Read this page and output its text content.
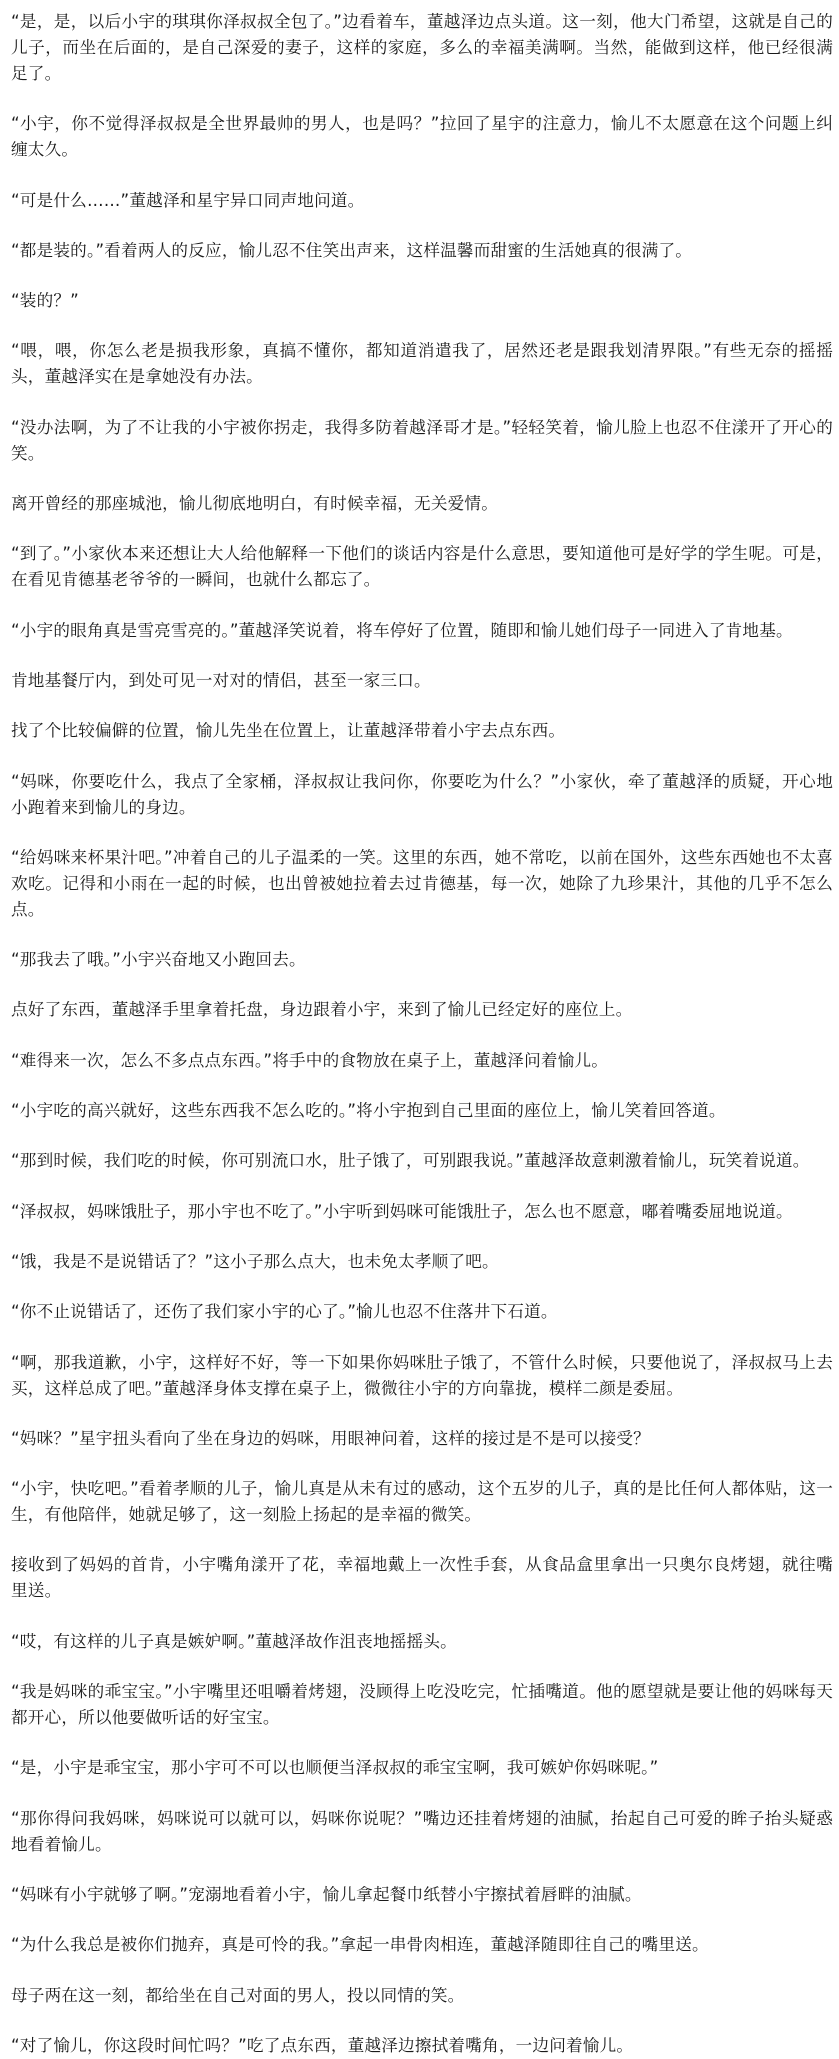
“是，是，以后小宇的琪琪你泽叔叔全包了。”边看着车，董越泽边点头道。这一刻，他大门希望，这就是自己的儿子，而坐在后面的，是自己深爱的妻子，这样的家庭，多么的幸福美满啊。当然，能做到这样，他已经很满足了。

“小宇，你不觉得泽叔叔是全世界最帅的男人，也是吗？”拉回了星宇的注意力，愉儿不太愿意在这个问题上纠缠太久。

“可是什么……”董越泽和星宇异口同声地问道。

“都是装的。”看着两人的反应，愉儿忍不住笑出声来，这样温馨而甜蜜的生活她真的很满了。

“装的？”

“喂，喂，你怎么老是损我形象，真搞不懂你，都知道消遣我了，居然还老是跟我划清界限。”有些无奈的摇摇头，董越泽实在是拿她没有办法。

“没办法啊，为了不让我的小宇被你拐走，我得多防着越泽哥才是。”轻轻笑着，愉儿脸上也忍不住漾开了开心的笑。

离开曾经的那座城池，愉儿彻底地明白，有时候幸福，无关爱情。

“到了。”小家伙本来还想让大人给他解释一下他们的谈话内容是什么意思，要知道他可是好学的学生呢。可是，在看见肯德基老爷爷的一瞬间，也就什么都忘了。

“小宇的眼角真是雪亮雪亮的。”董越泽笑说着，将车停好了位置，随即和愉儿她们母子一同进入了肯地基。

肯地基餐厅内，到处可见一对对的情侣，甚至一家三口。

找了个比较偏僻的位置，愉儿先坐在位置上，让董越泽带着小宇去点东西。

“妈咪，你要吃什么，我点了全家桶，泽叔叔让我问你，你要吃为什么？”小家伙，牵了董越泽的质疑，开心地小跑着来到愉儿的身边。

“给妈咪来杯果汁吧。”冲着自己的儿子温柔的一笑。这里的东西，她不常吃，以前在国外，这些东西她也不太喜欢吃。记得和小雨在一起的时候，也出曾被她拉着去过肯德基，每一次，她除了九珍果汁，其他的几乎不怎么点。

“那我去了哦。”小宇兴奋地又小跑回去。

点好了东西，董越泽手里拿着托盘，身边跟着小宇，来到了愉儿已经定好的座位上。

“难得来一次，怎么不多点点东西。”将手中的食物放在桌子上，董越泽问着愉儿。

“小宇吃的高兴就好，这些东西我不怎么吃的。”将小宇抱到自己里面的座位上，愉儿笑着回答道。

“那到时候，我们吃的时候，你可别流口水，肚子饿了，可别跟我说。”董越泽故意刺激着愉儿，玩笑着说道。

“泽叔叔，妈咪饿肚子，那小宇也不吃了。”小宇听到妈咪可能饿肚子，怎么也不愿意，嘟着嘴委屈地说道。

“饿，我是不是说错话了？”这小子那么点大，也未免太孝顺了吧。

“你不止说错话了，还伤了我们家小宇的心了。”愉儿也忍不住落井下石道。

“啊，那我道歉，小宇，这样好不好，等一下如果你妈咪肚子饿了，不管什么时候，只要他说了，泽叔叔马上去买，这样总成了吧。”董越泽身体支撑在桌子上，微微往小宇的方向靠拢，模样二颜是委屈。

“妈咪？”星宇扭头看向了坐在身边的妈咪，用眼神问着，这样的接过是不是可以接受？

“小宇，快吃吧。”看着孝顺的儿子，愉儿真是从未有过的感动，这个五岁的儿子，真的是比任何人都体贴，这一生，有他陪伴，她就足够了，这一刻脸上扬起的是幸福的微笑。

接收到了妈妈的首肯，小宇嘴角漾开了花，幸福地戴上一次性手套，从食品盒里拿出一只奥尔良烤翅，就往嘴里送。

“哎，有这样的儿子真是嫉妒啊。”董越泽故作沮丧地摇摇头。

“我是妈咪的乖宝宝。”小宇嘴里还咀嚼着烤翅，没顾得上吃没吃完，忙插嘴道。他的愿望就是要让他的妈咪每天都开心，所以他要做听话的好宝宝。

“是，小宇是乖宝宝，那小宇可不可以也顺便当泽叔叔的乖宝宝啊，我可嫉妒你妈咪呢。”

“那你得问我妈咪，妈咪说可以就可以，妈咪你说呢？”嘴边还挂着烤翅的油腻，抬起自己可爱的眸子抬头疑惑地看着愉儿。

“妈咪有小宇就够了啊。”宠溺地看着小宇，愉儿拿起餐巾纸替小宇擦拭着唇畔的油腻。

“为什么我总是被你们抛弃，真是可怜的我。”拿起一串骨肉相连，董越泽随即往自己的嘴里送。

母子两在这一刻，都给坐在自己对面的男人，投以同情的笑。

“对了愉儿，你这段时间忙吗？”吃了点东西，董越泽边擦拭着嘴角，一边问着愉儿。
